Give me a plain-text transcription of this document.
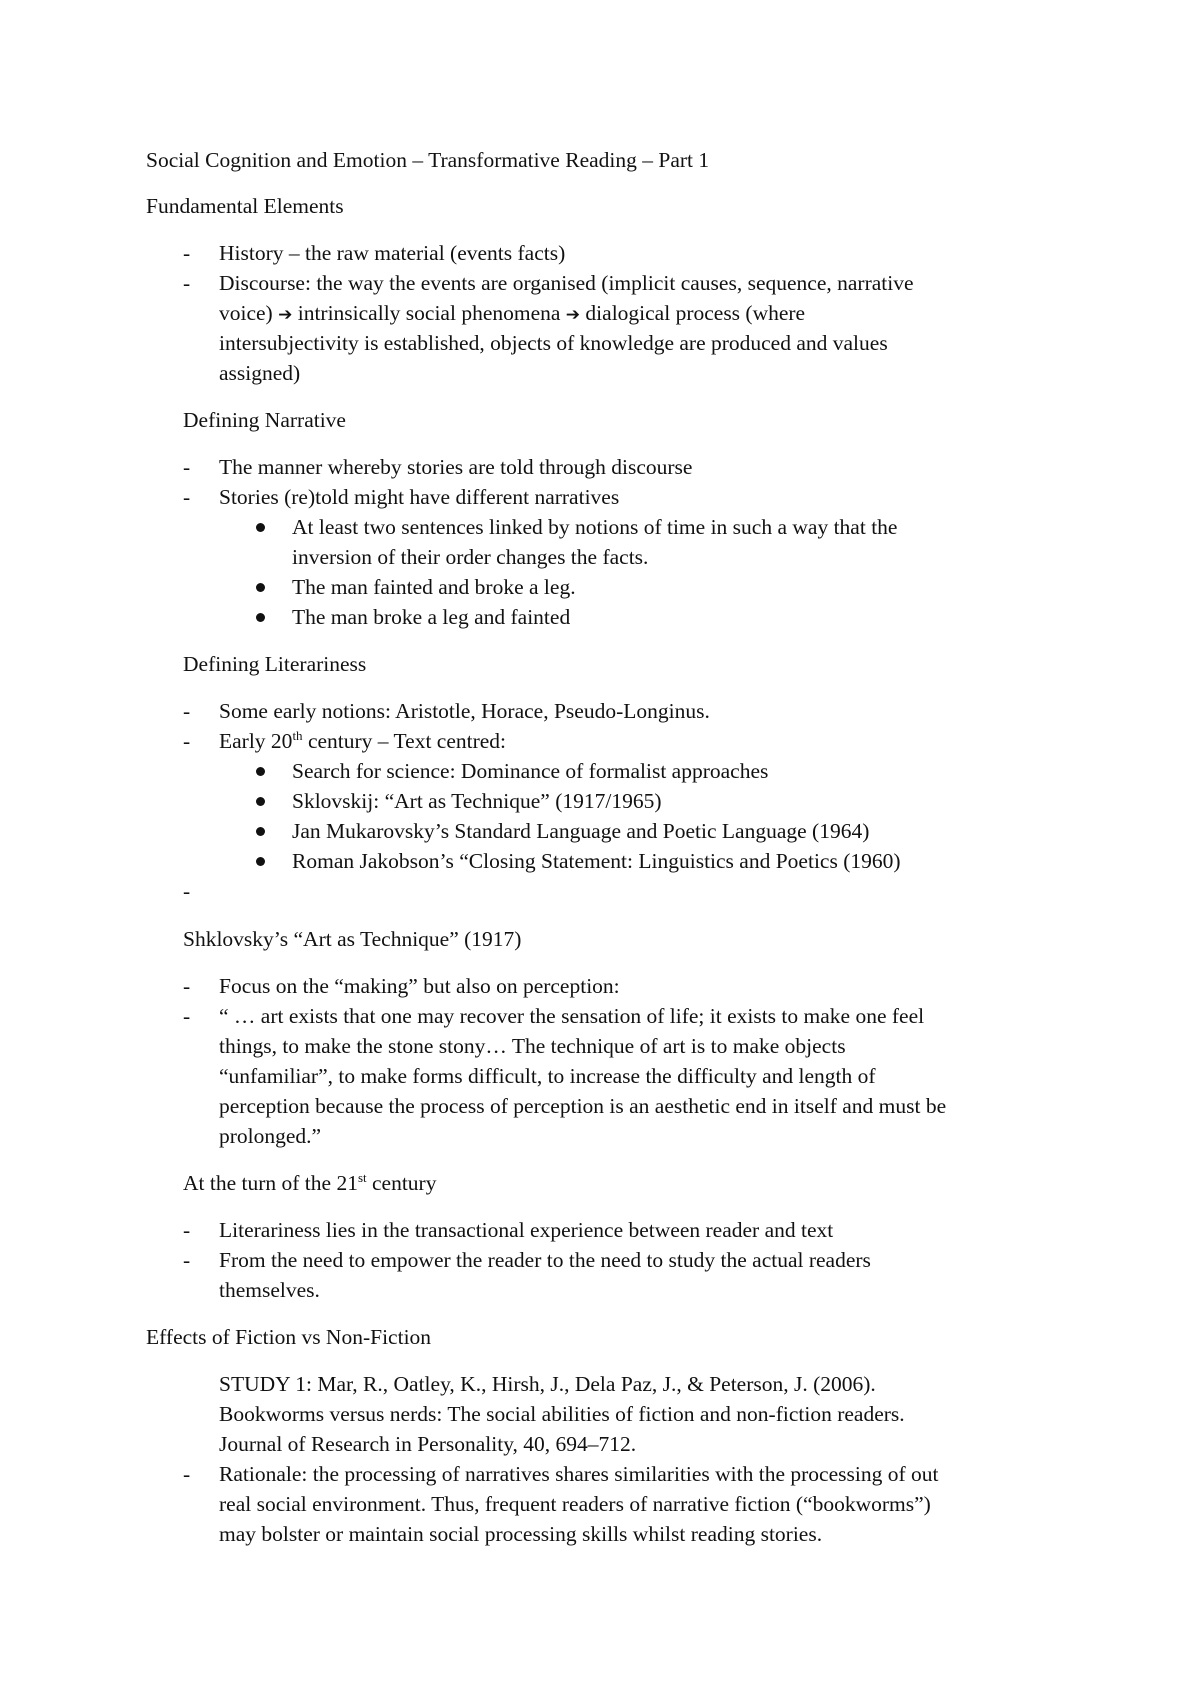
Social Cognition and Emotion – Transformative Reading – Part 1
Fundamental Elements
-	History – the raw material (events facts)
-	Discourse: the way the events are organised (implicit causes, sequence, narrative
voice) ➔ intrinsically social phenomena ➔ dialogical process (where
intersubjectivity is established, objects of knowledge are produced and values
assigned)
Defining Narrative
-	The manner whereby stories are told through discourse
-	Stories (re)told might have different narratives
At least two sentences linked by notions of time in such a way that the
inversion of their order changes the facts.
The man fainted and broke a leg.
The man broke a leg and fainted
Defining Literariness
-	Some early notions: Aristotle, Horace, Pseudo-Longinus.
-	Early 20th century – Text centred:
Search for science: Dominance of formalist approaches
Sklovskij: “Art as Technique” (1917/1965)
Jan Mukarovsky’s Standard Language and Poetic Language (1964)
Roman Jakobson’s “Closing Statement: Linguistics and Poetics (1960)
-
Shklovsky’s “Art as Technique” (1917)
-	Focus on the “making” but also on perception:
-	“ … art exists that one may recover the sensation of life; it exists to make one feel
things, to make the stone stony… The technique of art is to make objects
“unfamiliar”, to make forms difficult, to increase the difficulty and length of
perception because the process of perception is an aesthetic end in itself and must be
prolonged.”
At the turn of the 21st century
-	Literariness lies in the transactional experience between reader and text
-	From the need to empower the reader to the need to study the actual readers
themselves.
Effects of Fiction vs Non-Fiction
STUDY 1: Mar, R., Oatley, K., Hirsh, J., Dela Paz, J., & Peterson, J. (2006).
Bookworms versus nerds: The social abilities of fiction and non-fiction readers.
Journal of Research in Personality, 40, 694–712.
-	Rationale: the processing of narratives shares similarities with the processing of out
real social environment. Thus, frequent readers of narrative fiction (“bookworms”)
may bolster or maintain social processing skills whilst reading stories.
